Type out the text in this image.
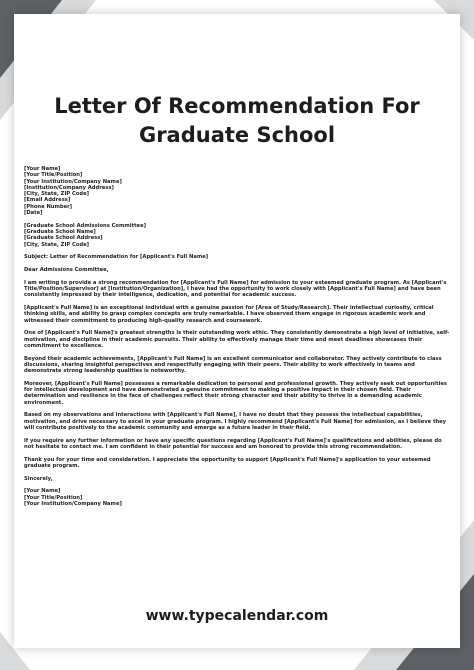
Letter Of Recommendation For
Graduate School
[Your Name]
[Your Title/Position]
[Your Institution/Company Name]
[Institution/Company Address]
[City, State, ZIP Code]
[Email Address]
[Phone Number]
[Date]
[Graduate School Admissions Committee]
[Graduate School Name]
[Graduate School Address]
[City, State, ZIP Code]

Subject: Letter of Recommendation for [Applicant's Full Name]

Dear Admissions Committee,

I am writing to provide a strong recommendation for [Applicant's Full Name] for admission to your esteemed graduate program. As [Applicant's Title/Position/Supervisor] at [Institution/Organization], I have had the opportunity to work closely with [Applicant's Full Name] and have been consistently impressed by their intelligence, dedication, and potential for academic success.

[Applicant's Full Name] is an exceptional individual with a genuine passion for [Area of Study/Research]. Their intellectual curiosity, critical thinking skills, and ability to grasp complex concepts are truly remarkable. I have observed them engage in rigorous academic work and witnessed their commitment to producing high-quality research and coursework.

One of [Applicant's Full Name]'s greatest strengths is their outstanding work ethic. They consistently demonstrate a high level of initiative, self-motivation, and discipline in their academic pursuits. Their ability to effectively manage their time and meet deadlines showcases their commitment to excellence.

Beyond their academic achievements, [Applicant's Full Name] is an excellent communicator and collaborator. They actively contribute to class discussions, sharing insightful perspectives and respectfully engaging with their peers. Their ability to work effectively in teams and demonstrate strong leadership qualities is noteworthy.

Moreover, [Applicant's Full Name] possesses a remarkable dedication to personal and professional growth. They actively seek out opportunities for intellectual development and have demonstrated a genuine commitment to making a positive impact in their chosen field. Their determination and resilience in the face of challenges reflect their strong character and their ability to thrive in a demanding academic environment.

Based on my observations and interactions with [Applicant's Full Name], I have no doubt that they possess the intellectual capabilities, motivation, and drive necessary to excel in your graduate program. I highly recommend [Applicant's Full Name] for admission, as I believe they will contribute positively to the academic community and emerge as a future leader in their field.

If you require any further information or have any specific questions regarding [Applicant's Full Name]'s qualifications and abilities, please do not hesitate to contact me. I am confident in their potential for success and am honored to provide this strong recommendation.

Thank you for your time and consideration. I appreciate the opportunity to support [Applicant's Full Name]'s application to your esteemed graduate program.

Sincerely,

[Your Name]
[Your Title/Position]
[Your Institution/Company Name]
www.typecalendar.com
